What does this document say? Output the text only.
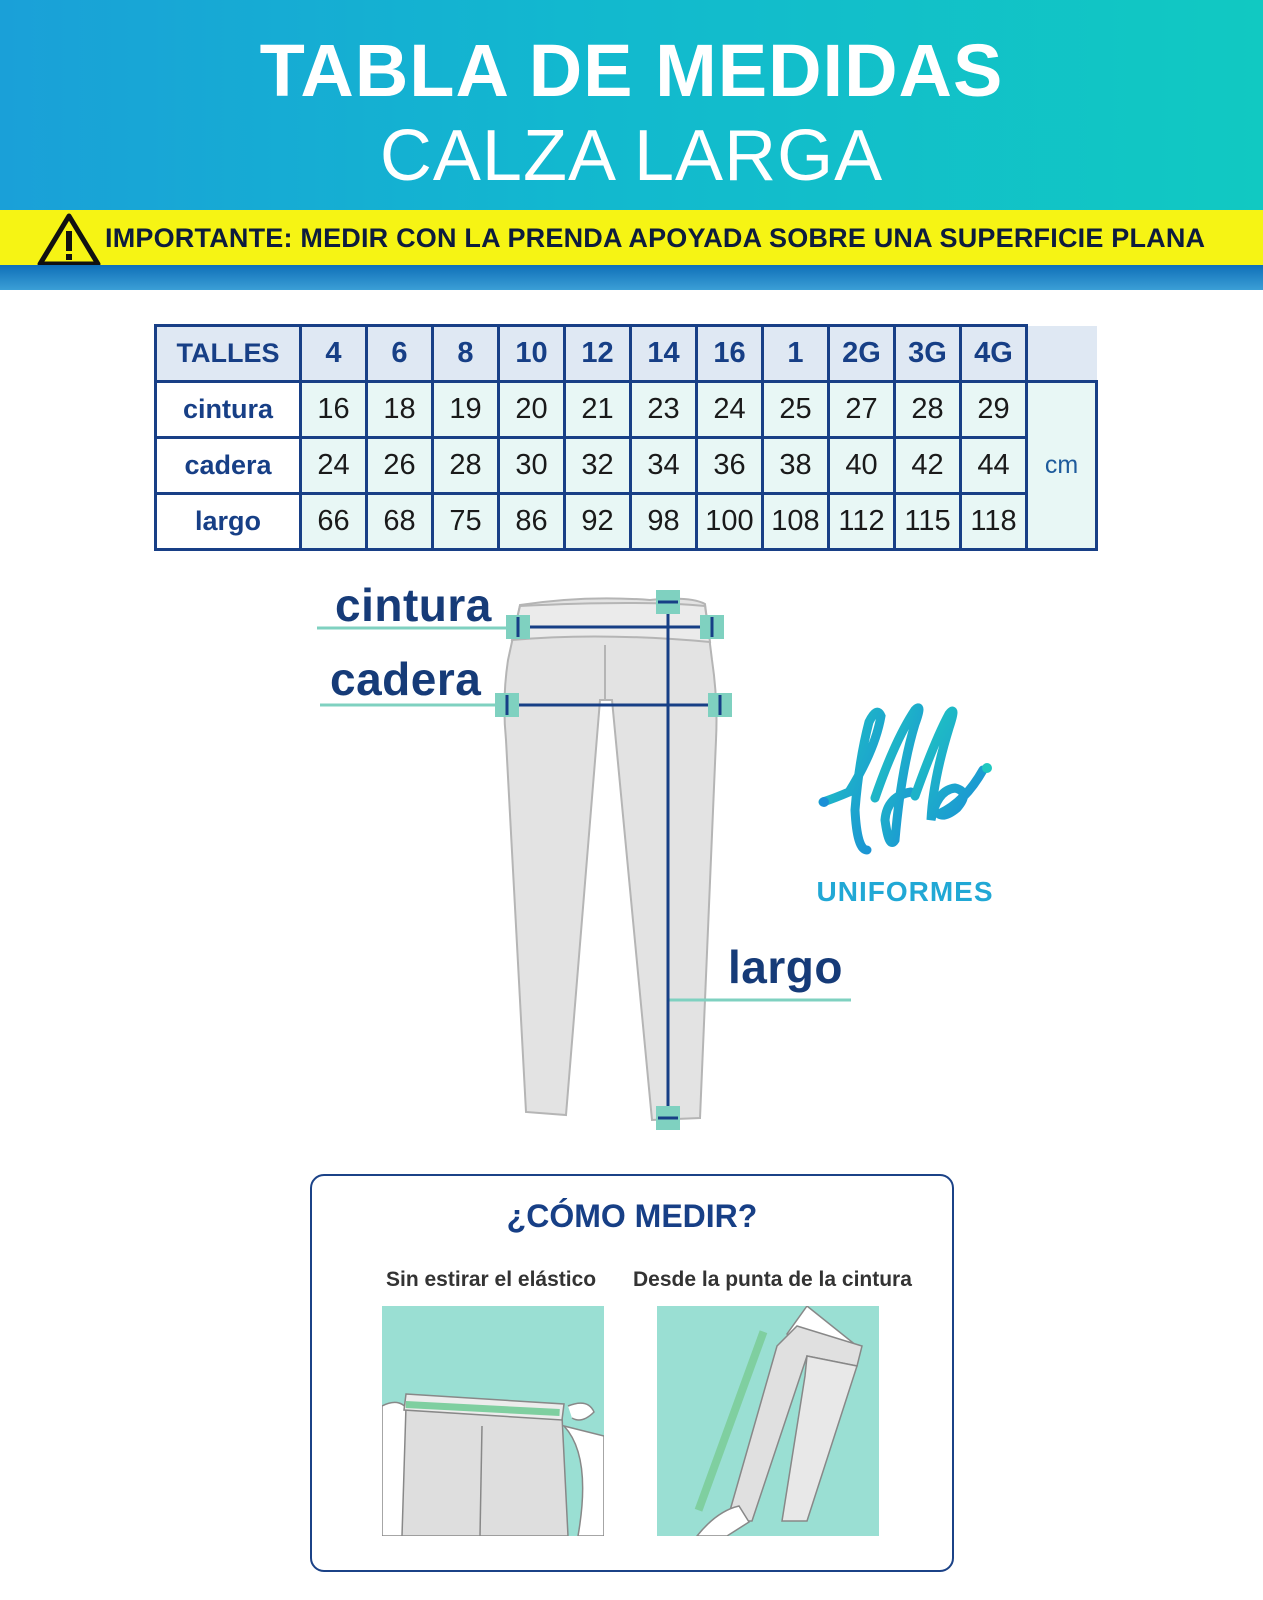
TABLA DE MEDIDAS
CALZA LARGA
IMPORTANTE: MEDIR CON LA PRENDA APOYADA SOBRE UNA SUPERFICIE PLANA
TALLES	4	6	8	10	12	14	16	1	2G	3G	4G	
cintura	16	18	19	20	21	23	24	25	27	28	29	cm
cadera	24	26	28	30	32	34	36	38	40	42	44	
largo	66	68	75	86	92	98	100	108	112	115	118	
cintura
cadera
largo
UNIFORMES
¿CÓMO MEDIR?
Sin estirar el elástico Desde la punta de la cintura
